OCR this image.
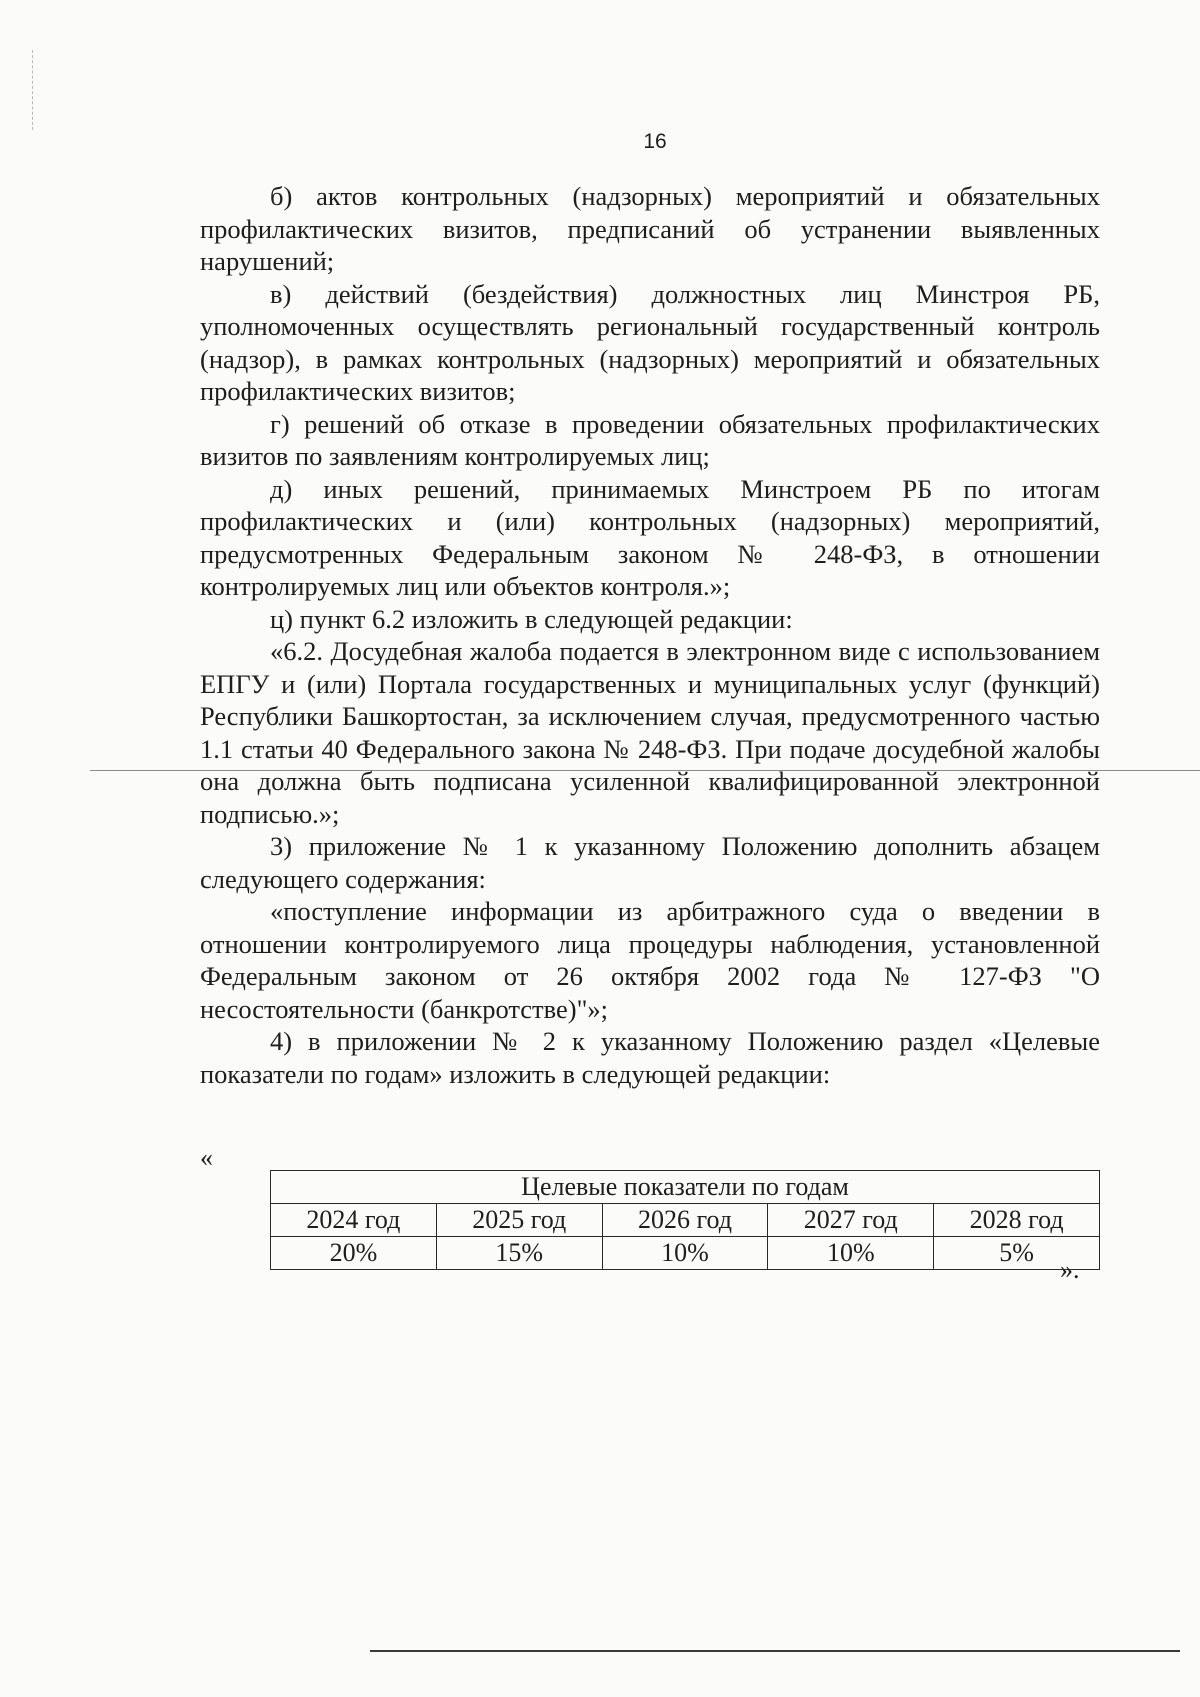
16

б) актов контрольных (надзорных) мероприятий и обязательных профилактических визитов, предписаний об устранении выявленных нарушений;

в) действий (бездействия) должностных лиц Минстроя РБ, уполномоченных осуществлять региональный государственный контроль (надзор), в рамках контрольных (надзорных) мероприятий и обязательных профилактических визитов;

г) решений об отказе в проведении обязательных профилактических визитов по заявлениям контролируемых лиц;

д) иных решений, принимаемых Минстроем РБ по итогам профилактических и (или) контрольных (надзорных) мероприятий, предусмотренных Федеральным законом № 248-ФЗ, в отношении контролируемых лиц или объектов контроля.»;

ц) пункт 6.2 изложить в следующей редакции:

«6.2. Досудебная жалоба подается в электронном виде с использованием ЕПГУ и (или) Портала государственных и муниципальных услуг (функций) Республики Башкортостан, за исключением случая, предусмотренного частью 1.1 статьи 40 Федерального закона № 248-ФЗ. При подаче досудебной жалобы она должна быть подписана усиленной квалифицированной электронной подписью.»;

3) приложение № 1 к указанному Положению дополнить абзацем следующего содержания:

«поступление информации из арбитражного суда о введении в отношении контролируемого лица процедуры наблюдения, установленной Федеральным законом от 26 октября 2002 года № 127-ФЗ "О несостоятельности (банкротстве)"»;

4) в приложении № 2 к указанному Положению раздел «Целевые показатели по годам» изложить в следующей редакции:

«
Целевые показатели по годам				
2024 год	2025 год	2026 год	2027 год	2028 год
20%	15%	10%	10%	5%
».
